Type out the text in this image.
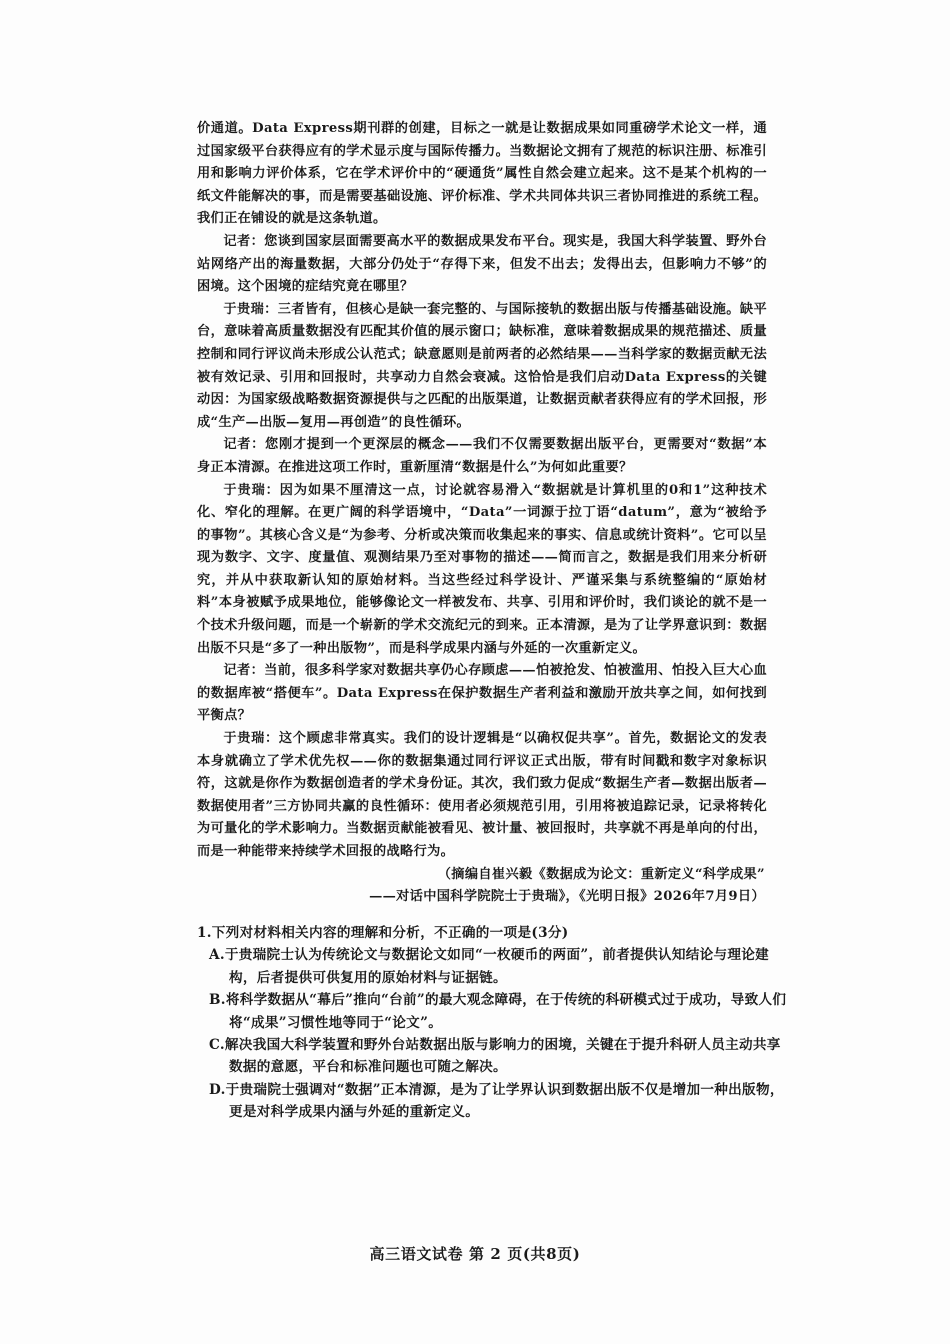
价通道。Data Express期刊群的创建，目标之一就是让数据成果如同重磅学术论文一样，通过国家级平台获得应有的学术显示度与国际传播力。当数据论文拥有了规范的标识注册、标准引用和影响力评价体系，它在学术评价中的“硬通货”属性自然会建立起来。这不是某个机构的一纸文件能解决的事，而是需要基础设施、评价标准、学术共同体共识三者协同推进的系统工程。我们正在铺设的就是这条轨道。

记者：您谈到国家层面需要高水平的数据成果发布平台。现实是，我国大科学装置、野外台站网络产出的海量数据，大部分仍处于“存得下来，但发不出去；发得出去，但影响力不够”的困境。这个困境的症结究竟在哪里？

于贵瑞：三者皆有，但核心是缺一套完整的、与国际接轨的数据出版与传播基础设施。缺平台，意味着高质量数据没有匹配其价值的展示窗口；缺标准，意味着数据成果的规范描述、质量控制和同行评议尚未形成公认范式；缺意愿则是前两者的必然结果——当科学家的数据贡献无法被有效记录、引用和回报时，共享动力自然会衰减。这恰恰是我们启动Data Express的关键动因：为国家级战略数据资源提供与之匹配的出版渠道，让数据贡献者获得应有的学术回报，形成“生产—出版—复用—再创造”的良性循环。

记者：您刚才提到一个更深层的概念——我们不仅需要数据出版平台，更需要对“数据”本身正本清源。在推进这项工作时，重新厘清“数据是什么”为何如此重要？

于贵瑞：因为如果不厘清这一点，讨论就容易滑入“数据就是计算机里的0和1”这种技术化、窄化的理解。在更广阔的科学语境中，“Data”一词源于拉丁语“datum”，意为“被给予的事物”。其核心含义是“为参考、分析或决策而收集起来的事实、信息或统计资料”。它可以呈现为数字、文字、度量值、观测结果乃至对事物的描述——简而言之，数据是我们用来分析研究，并从中获取新认知的原始材料。当这些经过科学设计、严谨采集与系统整编的“原始材料”本身被赋予成果地位，能够像论文一样被发布、共享、引用和评价时，我们谈论的就不是一个技术升级问题，而是一个崭新的学术交流纪元的到来。正本清源，是为了让学界意识到：数据出版不只是“多了一种出版物”，而是科学成果内涵与外延的一次重新定义。

记者：当前，很多科学家对数据共享仍心存顾虑——怕被抢发、怕被滥用、怕投入巨大心血的数据库被“搭便车”。Data Express在保护数据生产者利益和激励开放共享之间，如何找到平衡点？

于贵瑞：这个顾虑非常真实。我们的设计逻辑是“以确权促共享”。首先，数据论文的发表本身就确立了学术优先权——你的数据集通过同行评议正式出版，带有时间戳和数字对象标识符，这就是你作为数据创造者的学术身份证。其次，我们致力促成“数据生产者—数据出版者—数据使用者”三方协同共赢的良性循环：使用者必须规范引用，引用将被追踪记录，记录将转化为可量化的学术影响力。当数据贡献能被看见、被计量、被回报时，共享就不再是单向的付出，而是一种能带来持续学术回报的战略行为。

（摘编自崔兴毅《数据成为论文：重新定义“科学成果”

——对话中国科学院院士于贵瑞》，《光明日报》2026年7月9日）

1.下列对材料相关内容的理解和分析，不正确的一项是(3分)

A.于贵瑞院士认为传统论文与数据论文如同“一枚硬币的两面”，前者提供认知结论与理论建构，后者提供可供复用的原始材料与证据链。

B.将科学数据从“幕后”推向“台前”的最大观念障碍，在于传统的科研模式过于成功，导致人们将“成果”习惯性地等同于“论文”。

C.解决我国大科学装置和野外台站数据出版与影响力的困境，关键在于提升科研人员主动共享数据的意愿，平台和标准问题也可随之解决。

D.于贵瑞院士强调对“数据”正本清源，是为了让学界认识到数据出版不仅是增加一种出版物，更是对科学成果内涵与外延的重新定义。

高三语文试卷 第 2 页(共8页)
